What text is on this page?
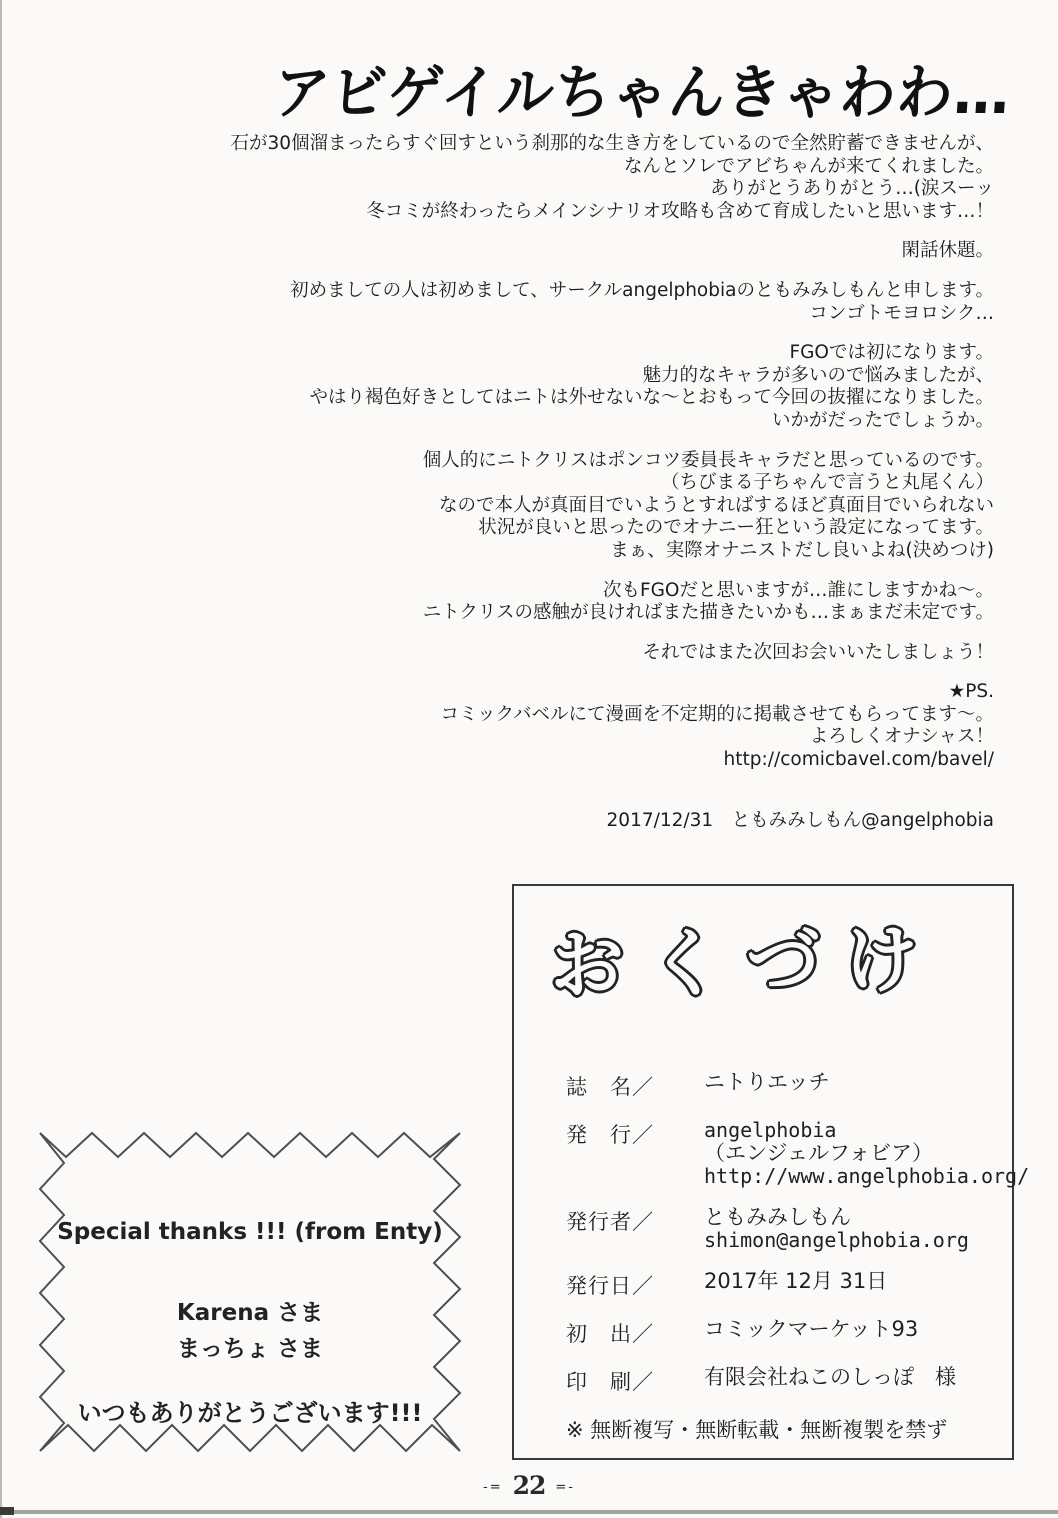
アビゲイルちゃんきゃわわ…
石が30個溜まったらすぐ回すという刹那的な生き方をしているので全然貯蓄できませんが、
なんとソレでアビちゃんが来てくれました。
ありがとうありがとう…(涙スーッ
冬コミが終わったらメインシナリオ攻略も含めて育成したいと思います…！
閑話休題。
初めましての人は初めまして、サークルangelphobiaのともみみしもんと申します。
コンゴトモヨロシク…
FGOでは初になります。
魅力的なキャラが多いので悩みましたが、
やはり褐色好きとしてはニトは外せないな〜とおもって今回の抜擢になりました。
いかがだったでしょうか。
個人的にニトクリスはポンコツ委員長キャラだと思っているのです。
（ちびまる子ちゃんで言うと丸尾くん）
なので本人が真面目でいようとすればするほど真面目でいられない
状況が良いと思ったのでオナニー狂という設定になってます。
まぁ、実際オナニストだし良いよね(決めつけ)
次もFGOだと思いますが…誰にしますかね〜。
ニトクリスの感触が良ければまた描きたいかも…まぁまだ未定です。
それではまた次回お会いいたしましょう！
★PS.
コミックバベルにて漫画を不定期的に掲載させてもらってます〜。
よろしくオナシャス！
http://comicbavel.com/bavel/
2017/12/31　ともみみしもん@angelphobia
Special thanks !!! (from Enty)
Karena さま
まっちょ さま
いつもありがとうございます!!!
おくづけ
誌　名／	ニトりエッチ
発　行／	angelphobia
（エンジェルフォビア）
http://www.angelphobia.org/
発行者／	ともみみしもん
shimon@angelphobia.org
発行日／	2017年 12月 31日
初　出／	コミックマーケット93
印　刷／	有限会社ねこのしっぽ　様
※ 無断複写・無断転載・無断複製を禁ず
-= 22 =-
